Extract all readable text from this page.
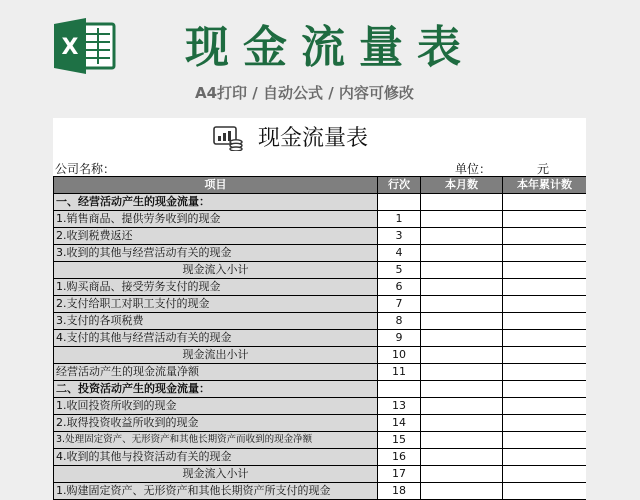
X 现金流量表
A4打印 / 自动公式 / 内容可修改
现金流量表
公司名称：	单位：	元
项目	行次	本月数	本年累计数
一、经营活动产生的现金流量：			
1.销售商品、提供劳务收到的现金	1		
2.收到税费返还	3		
3.收到的其他与经营活动有关的现金	4		
现金流入小计	5		
1.购买商品、接受劳务支付的现金	6		
2.支付给职工对职工支付的现金	7		
3.支付的各项税费	8		
4.支付的其他与经营活动有关的现金	9		
现金流出小计	10		
经营活动产生的现金流量净额	11		
二、投资活动产生的现金流量：			
1.收回投资所收到的现金	13		
2.取得投资收益所收到的现金	14		
3.处理固定资产、无形资产和其他长期资产而收到的现金净额	15		
4.收到的其他与投资活动有关的现金	16		
现金流入小计	17		
1.购建固定资产、无形资产和其他长期资产所支付的现金	18		
